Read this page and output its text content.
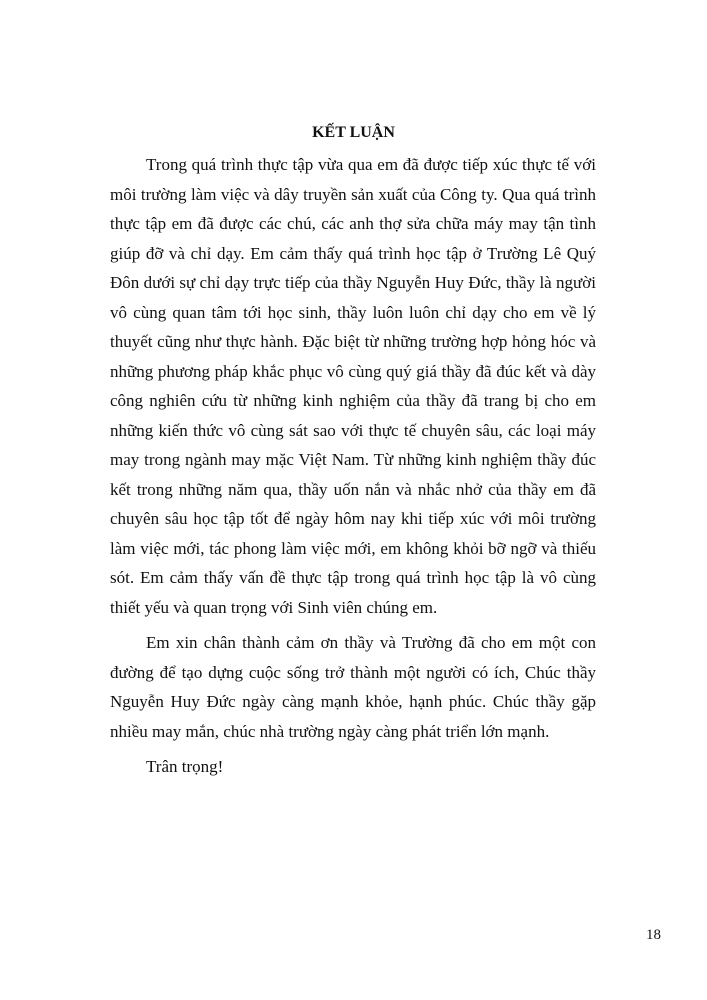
KẾT LUẬN

Trong quá trình thực tập vừa qua em đã được tiếp xúc thực tế với môi trường làm việc và dây truyền sản xuất của Công ty. Qua quá trình thực tập em đã được các chú, các anh thợ sửa chữa máy may tận tình giúp đỡ và chỉ dạy. Em cảm thấy quá trình học tập ở Trường Lê Quý Đôn dưới sự chỉ dạy trực tiếp của thầy Nguyễn Huy Đức, thầy là người vô cùng quan tâm tới học sinh, thầy luôn luôn chỉ dạy cho em về lý thuyết cũng như thực hành. Đặc biệt từ những trường hợp hỏng hóc và những phương pháp khắc phục vô cùng quý giá thầy đã đúc kết và dày công nghiên cứu từ những kinh nghiệm của thầy đã trang bị cho em những kiến thức vô cùng sát sao với thực tế chuyên sâu, các loại máy may trong ngành may mặc Việt Nam. Từ những kinh nghiệm thầy đúc kết trong những năm qua, thầy uốn nắn và nhắc nhở của thầy em đã chuyên sâu học tập tốt để ngày hôm nay khi tiếp xúc với môi trường làm việc mới, tác phong làm việc mới, em không khỏi bỡ ngỡ và thiếu sót. Em cảm thấy vấn đề thực tập trong quá trình học tập là vô cùng thiết yếu và quan trọng với Sinh viên chúng em.

Em xin chân thành cảm ơn thầy và Trường đã cho em một con đường để tạo dựng cuộc sống trở thành một người có ích, Chúc thầy Nguyễn Huy Đức ngày càng mạnh khỏe, hạnh phúc. Chúc thầy gặp nhiều may mắn, chúc nhà trường ngày càng phát triển lớn mạnh.

Trân trọng!

18
